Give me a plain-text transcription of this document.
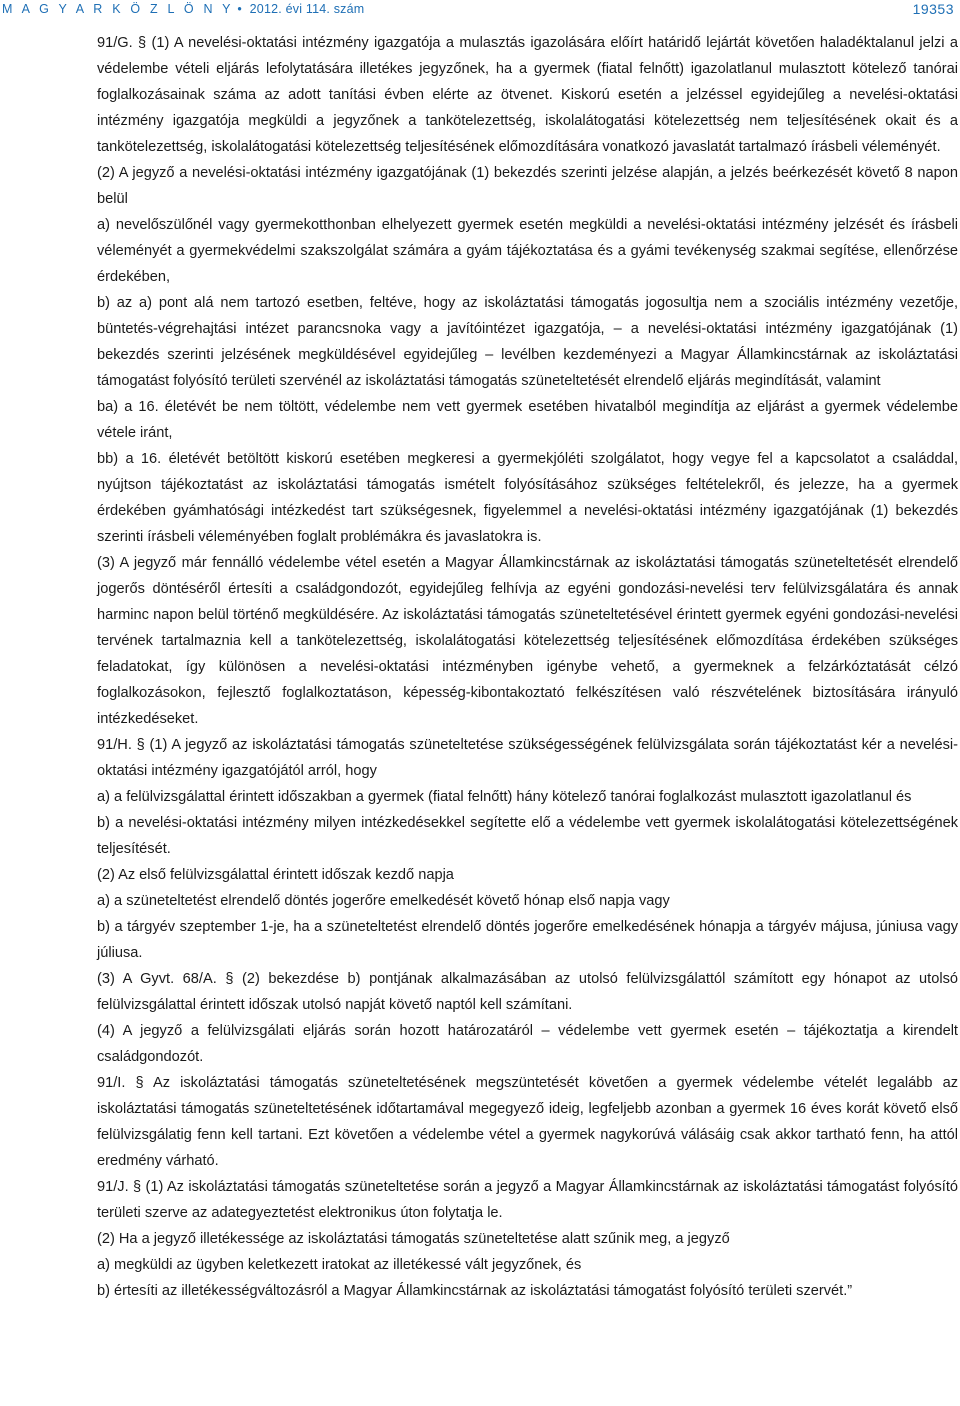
M A G Y A R K Ö Z L Ö N Y • 2012. évi 114. szám	19353

91/G. § (1) A nevelési-oktatási intézmény igazgatója a mulasztás igazolására előírt határidő lejártát követően haladéktalanul jelzi a védelembe vételi eljárás lefolytatására illetékes jegyzőnek, ha a gyermek (fiatal felnőtt) igazolatlanul mulasztott kötelező tanórai foglalkozásainak száma az adott tanítási évben elérte az ötvenet. Kiskorú esetén a jelzéssel egyidejűleg a nevelési-oktatási intézmény igazgatója megküldi a jegyzőnek a tankötelezettség, iskolalátogatási kötelezettség nem teljesítésének okait és a tankötelezettség, iskolalátogatási kötelezettség teljesítésének előmozdítására vonatkozó javaslatát tartalmazó írásbeli véleményét.

(2) A jegyző a nevelési-oktatási intézmény igazgatójának (1) bekezdés szerinti jelzése alapján, a jelzés beérkezését követő 8 napon belül

a) nevelőszülőnél vagy gyermekotthonban elhelyezett gyermek esetén megküldi a nevelési-oktatási intézmény jelzését és írásbeli véleményét a gyermekvédelmi szakszolgálat számára a gyám tájékoztatása és a gyámi tevékenység szakmai segítése, ellenőrzése érdekében,

b) az a) pont alá nem tartozó esetben, feltéve, hogy az iskoláztatási támogatás jogosultja nem a szociális intézmény vezetője, büntetés-végrehajtási intézet parancsnoka vagy a javítóintézet igazgatója, – a nevelési-oktatási intézmény igazgatójának (1) bekezdés szerinti jelzésének megküldésével egyidejűleg – levélben kezdeményezi a Magyar Államkincstárnak az iskoláztatási támogatást folyósító területi szervénél az iskoláztatási támogatás szüneteltetését elrendelő eljárás megindítását, valamint

ba) a 16. életévét be nem töltött, védelembe nem vett gyermek esetében hivatalból megindítja az eljárást a gyermek védelembe vétele iránt,

bb) a 16. életévét betöltött kiskorú esetében megkeresi a gyermekjóléti szolgálatot, hogy vegye fel a kapcsolatot a családdal, nyújtson tájékoztatást az iskoláztatási támogatás ismételt folyósításához szükséges feltételekről, és jelezze, ha a gyermek érdekében gyámhatósági intézkedést tart szükségesnek, figyelemmel a nevelési-oktatási intézmény igazgatójának (1) bekezdés szerinti írásbeli véleményében foglalt problémákra és javaslatokra is.

(3) A jegyző már fennálló védelembe vétel esetén a Magyar Államkincstárnak az iskoláztatási támogatás szüneteltetését elrendelő jogerős döntéséről értesíti a családgondozót, egyidejűleg felhívja az egyéni gondozási-nevelési terv felülvizsgálatára és annak harminc napon belül történő megküldésére. Az iskoláztatási támogatás szüneteltetésével érintett gyermek egyéni gondozási-nevelési tervének tartalmaznia kell a tankötelezettség, iskolalátogatási kötelezettség teljesítésének előmozdítása érdekében szükséges feladatokat, így különösen a nevelési-oktatási intézményben igénybe vehető, a gyermeknek a felzárkóztatását célzó foglalkozásokon, fejlesztő foglalkoztatáson, képesség-kibontakoztató felkészítésen való részvételének biztosítására irányuló intézkedéseket.

91/H. § (1) A jegyző az iskoláztatási támogatás szüneteltetése szükségességének felülvizsgálata során tájékoztatást kér a nevelési-oktatási intézmény igazgatójától arról, hogy

a) a felülvizsgálattal érintett időszakban a gyermek (fiatal felnőtt) hány kötelező tanórai foglalkozást mulasztott igazolatlanul és

b) a nevelési-oktatási intézmény milyen intézkedésekkel segítette elő a védelembe vett gyermek iskolalátogatási kötelezettségének teljesítését.

(2) Az első felülvizsgálattal érintett időszak kezdő napja

a) a szüneteltetést elrendelő döntés jogerőre emelkedését követő hónap első napja vagy

b) a tárgyév szeptember 1-je, ha a szüneteltetést elrendelő döntés jogerőre emelkedésének hónapja a tárgyév májusa, júniusa vagy júliusa.

(3) A Gyvt. 68/A. § (2) bekezdése b) pontjának alkalmazásában az utolsó felülvizsgálattól számított egy hónapot az utolsó felülvizsgálattal érintett időszak utolsó napját követő naptól kell számítani.

(4) A jegyző a felülvizsgálati eljárás során hozott határozatáról – védelembe vett gyermek esetén – tájékoztatja a kirendelt családgondozót.

91/I. § Az iskoláztatási támogatás szüneteltetésének megszüntetését követően a gyermek védelembe vételét legalább az iskoláztatási támogatás szüneteltetésének időtartamával megegyező ideig, legfeljebb azonban a gyermek 16 éves korát követő első felülvizsgálatig fenn kell tartani. Ezt követően a védelembe vétel a gyermek nagykorúvá válásáig csak akkor tartható fenn, ha attól eredmény várható.

91/J. § (1) Az iskoláztatási támogatás szüneteltetése során a jegyző a Magyar Államkincstárnak az iskoláztatási támogatást folyósító területi szerve az adategyeztetést elektronikus úton folytatja le.

(2) Ha a jegyző illetékessége az iskoláztatási támogatás szüneteltetése alatt szűnik meg, a jegyző

a) megküldi az ügyben keletkezett iratokat az illetékessé vált jegyzőnek, és

b) értesíti az illetékességváltozásról a Magyar Államkincstárnak az iskoláztatási támogatást folyósító területi szervét.”
